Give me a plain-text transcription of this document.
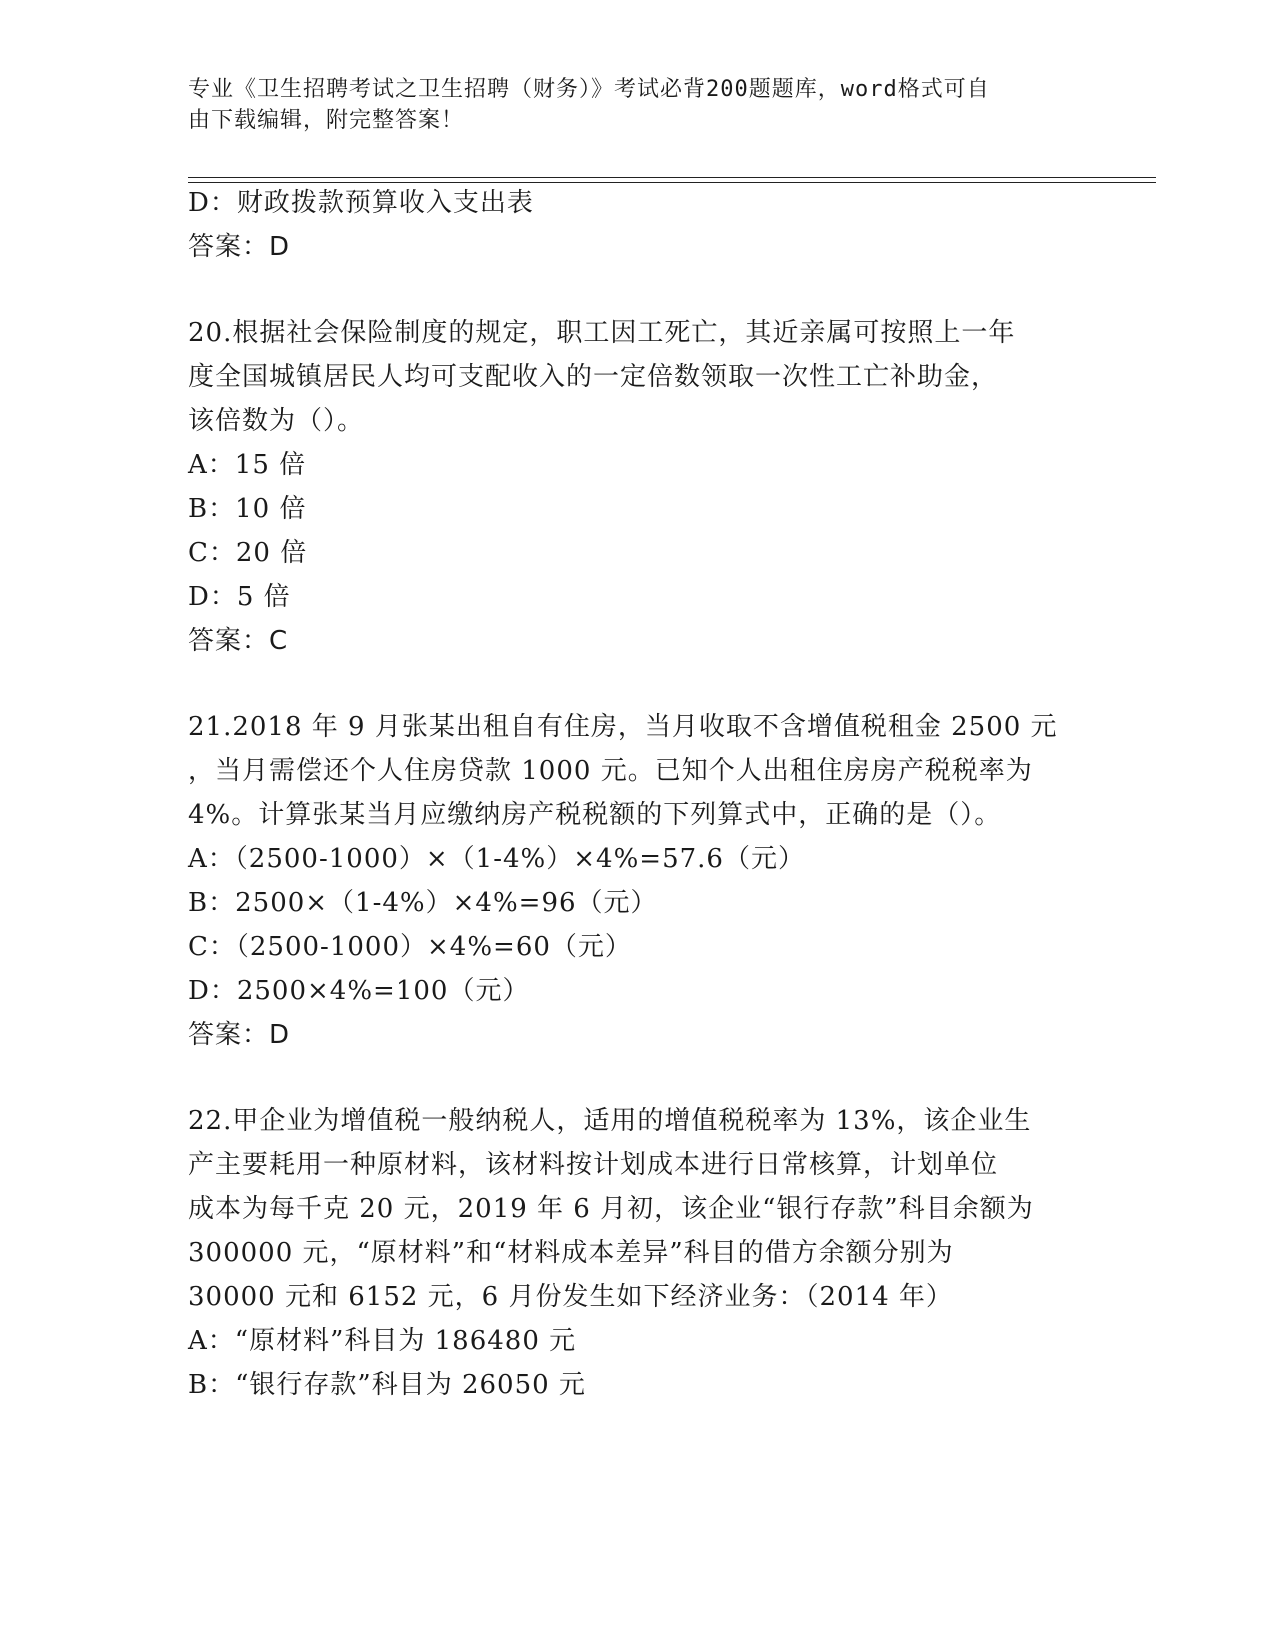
专业《卫生招聘考试之卫生招聘（财务）》考试必背200题题库，word格式可自
由下载编辑，附完整答案！
D：财政拨款预算收入支出表
答案：D
20.根据社会保险制度的规定，职工因工死亡，其近亲属可按照上一年
度全国城镇居民人均可支配收入的一定倍数领取一次性工亡补助金，
该倍数为（）。
A：15 倍
B：10 倍
C：20 倍
D：5 倍
答案：C
21.2018 年 9 月张某出租自有住房，当月收取不含增值税租金 2500 元
，当月需偿还个人住房贷款 1000 元。已知个人出租住房房产税税率为
4%。计算张某当月应缴纳房产税税额的下列算式中，正确的是（）。
A：（2500-1000）×（1-4%）×4%=57.6（元）
B：2500×（1-4%）×4%=96（元）
C：（2500-1000）×4%=60（元）
D：2500×4%=100（元）
答案：D
22.甲企业为增值税一般纳税人，适用的增值税税率为 13%，该企业生
产主要耗用一种原材料，该材料按计划成本进行日常核算，计划单位
成本为每千克 20 元，2019 年 6 月初，该企业“银行存款”科目余额为
300000 元，“原材料”和“材料成本差异”科目的借方余额分别为
30000 元和 6152 元，6 月份发生如下经济业务：（2014 年）
A：“原材料”科目为 186480 元
B：“银行存款”科目为 26050 元
